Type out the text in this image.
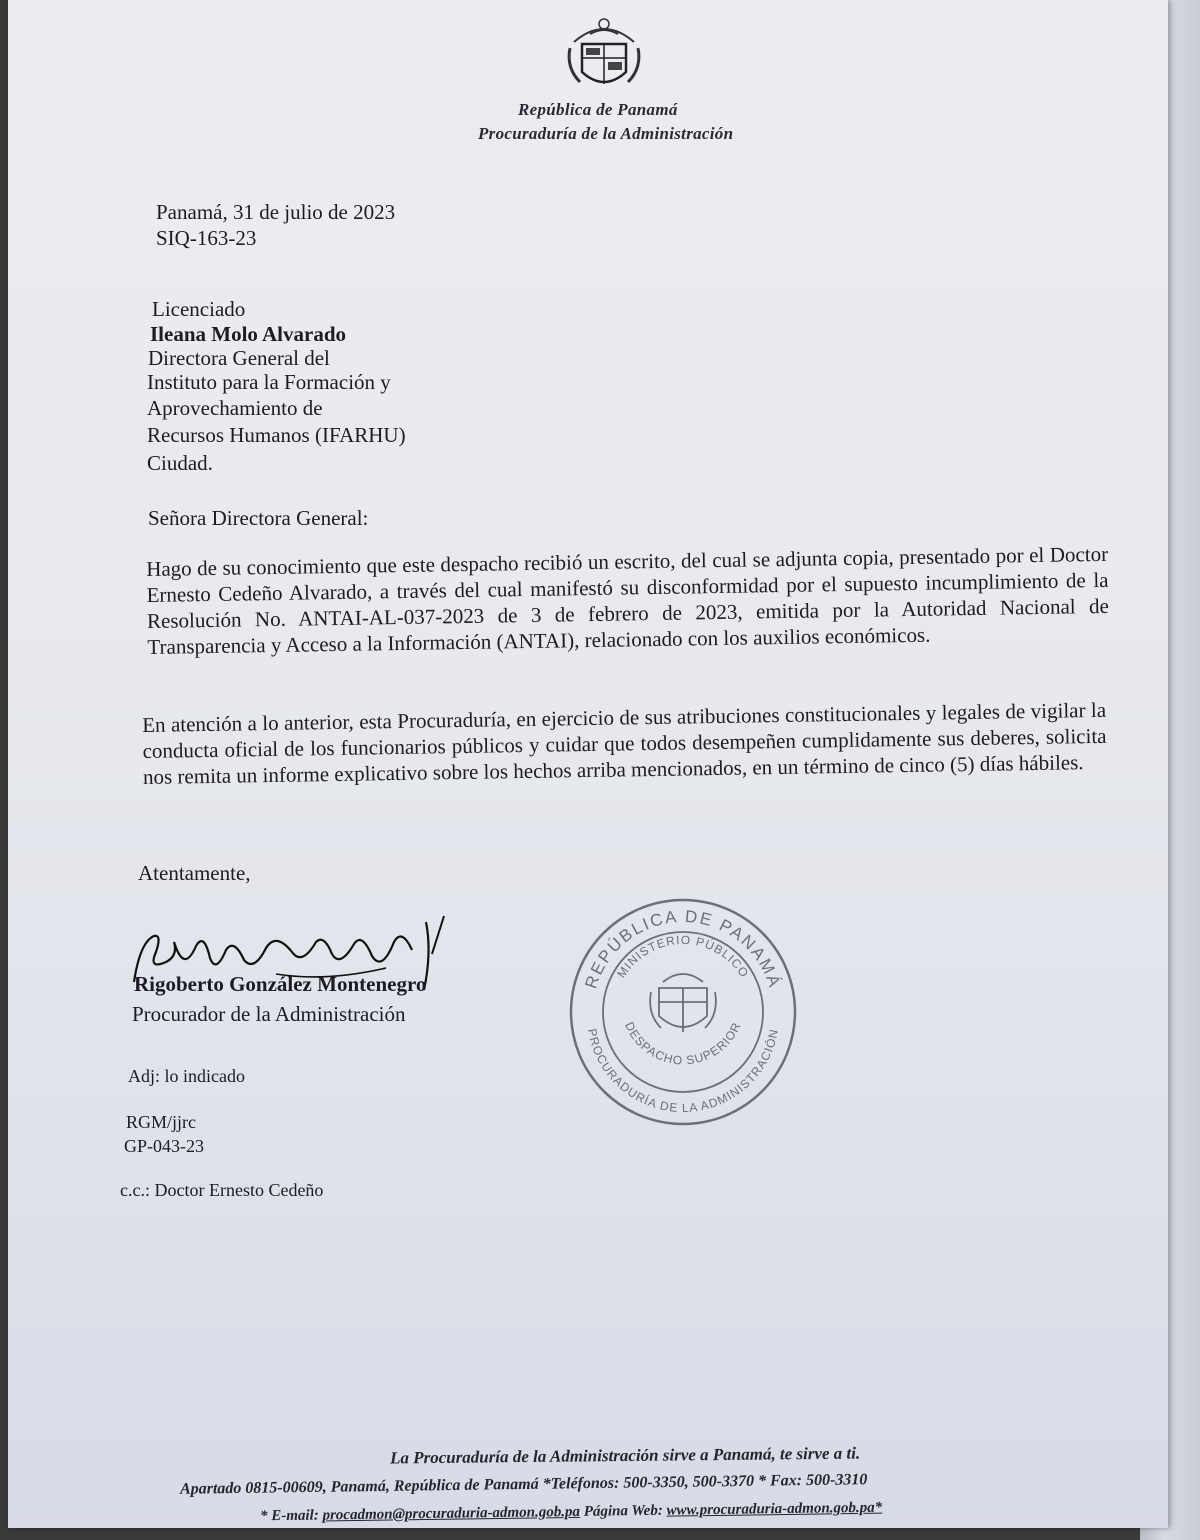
República de Panamá
Procuraduría de la Administración
Panamá, 31 de julio de 2023
SIQ-163-23
Licenciado
Ileana Molo Alvarado
Directora General del
Instituto para la Formación y
Aprovechamiento de
Recursos Humanos (IFARHU)
Ciudad.
Señora Directora General:
Hago de su conocimiento que este despacho recibió un escrito, del cual se adjunta copia, presentado por el Doctor Ernesto Cedeño Alvarado, a través del cual manifestó su disconformidad por el supuesto incumplimiento de la Resolución No. ANTAI-AL-037-2023 de 3 de febrero de 2023, emitida por la Autoridad Nacional de Transparencia y Acceso a la Información (ANTAI), relacionado con los auxilios económicos.
En atención a lo anterior, esta Procuraduría, en ejercicio de sus atribuciones constitucionales y legales de vigilar la conducta oficial de los funcionarios públicos y cuidar que todos desempeñen cumplidamente sus deberes, solicita nos remita un informe explicativo sobre los hechos arriba mencionados, en un término de cinco (5) días hábiles.
Atentamente,
Rigoberto González Montenegro
Procurador de la Administración
REPÚBLICA DE PANAMÁ
MINISTERIO PÚBLICO
DESPACHO SUPERIOR
PROCURADURÍA DE LA ADMINISTRACIÓN
Adj: lo indicado
RGM/jjrc
GP-043-23
c.c.: Doctor Ernesto Cedeño
La Procuraduría de la Administración sirve a Panamá, te sirve a ti.
Apartado 0815-00609, Panamá, República de Panamá *Teléfonos: 500-3350, 500-3370 * Fax: 500-3310
* E-mail: procadmon@procuraduria-admon.gob.pa Página Web: www.procuraduria-admon.gob.pa*
